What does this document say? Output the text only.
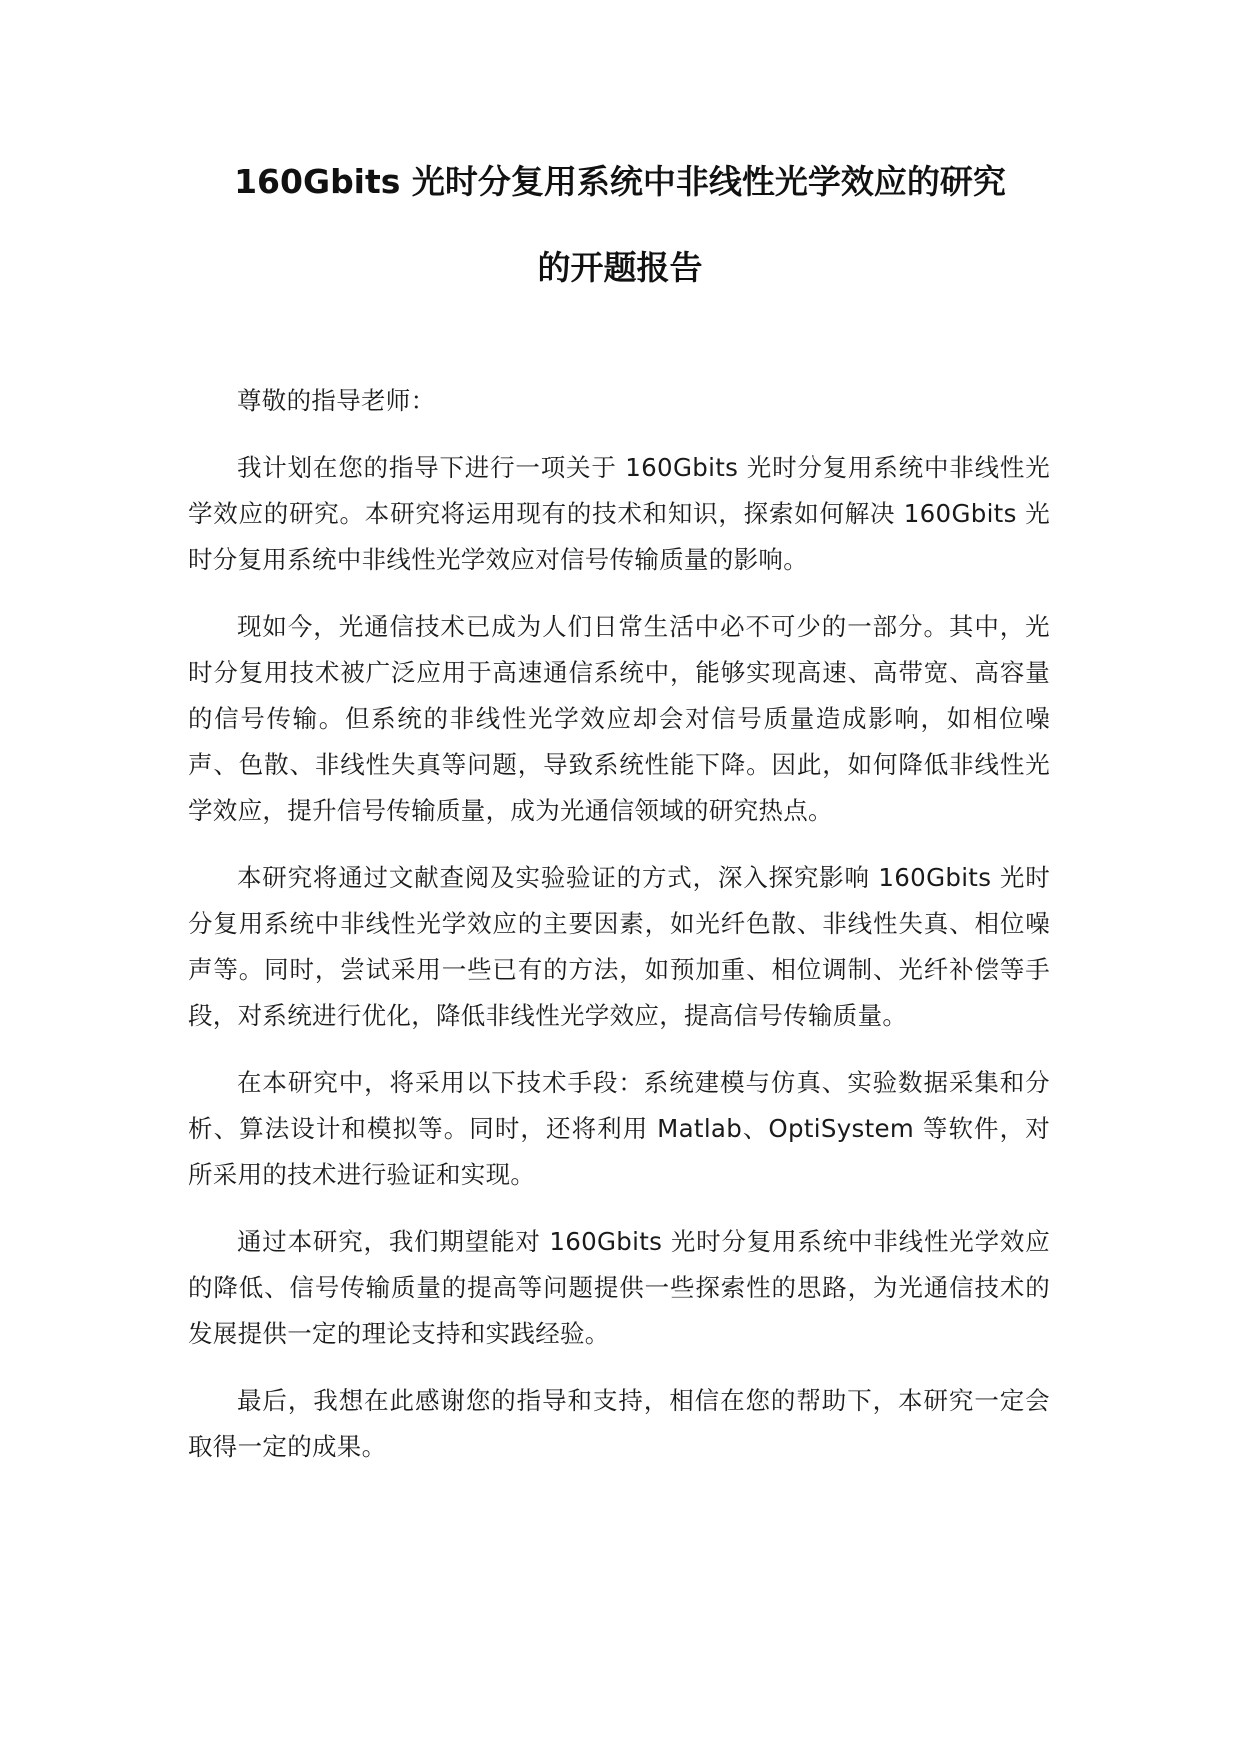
160Gbits 光时分复用系统中非线性光学效应的研究

的开题报告

尊敬的指导老师：

我计划在您的指导下进行一项关于 160Gbits 光时分复用系统中非线性光学效应的研究。本研究将运用现有的技术和知识，探索如何解决 160Gbits 光时分复用系统中非线性光学效应对信号传输质量的影响。

现如今，光通信技术已成为人们日常生活中必不可少的一部分。其中，光时分复用技术被广泛应用于高速通信系统中，能够实现高速、高带宽、高容量的信号传输。但系统的非线性光学效应却会对信号质量造成影响，如相位噪声、色散、非线性失真等问题，导致系统性能下降。因此，如何降低非线性光学效应，提升信号传输质量，成为光通信领域的研究热点。

本研究将通过文献查阅及实验验证的方式，深入探究影响 160Gbits 光时分复用系统中非线性光学效应的主要因素，如光纤色散、非线性失真、相位噪声等。同时，尝试采用一些已有的方法，如预加重、相位调制、光纤补偿等手段，对系统进行优化，降低非线性光学效应，提高信号传输质量。

在本研究中，将采用以下技术手段：系统建模与仿真、实验数据采集和分析、算法设计和模拟等。同时，还将利用 Matlab、OptiSystem 等软件，对所采用的技术进行验证和实现。

通过本研究，我们期望能对 160Gbits 光时分复用系统中非线性光学效应的降低、信号传输质量的提高等问题提供一些探索性的思路，为光通信技术的发展提供一定的理论支持和实践经验。

最后，我想在此感谢您的指导和支持，相信在您的帮助下，本研究一定会取得一定的成果。
